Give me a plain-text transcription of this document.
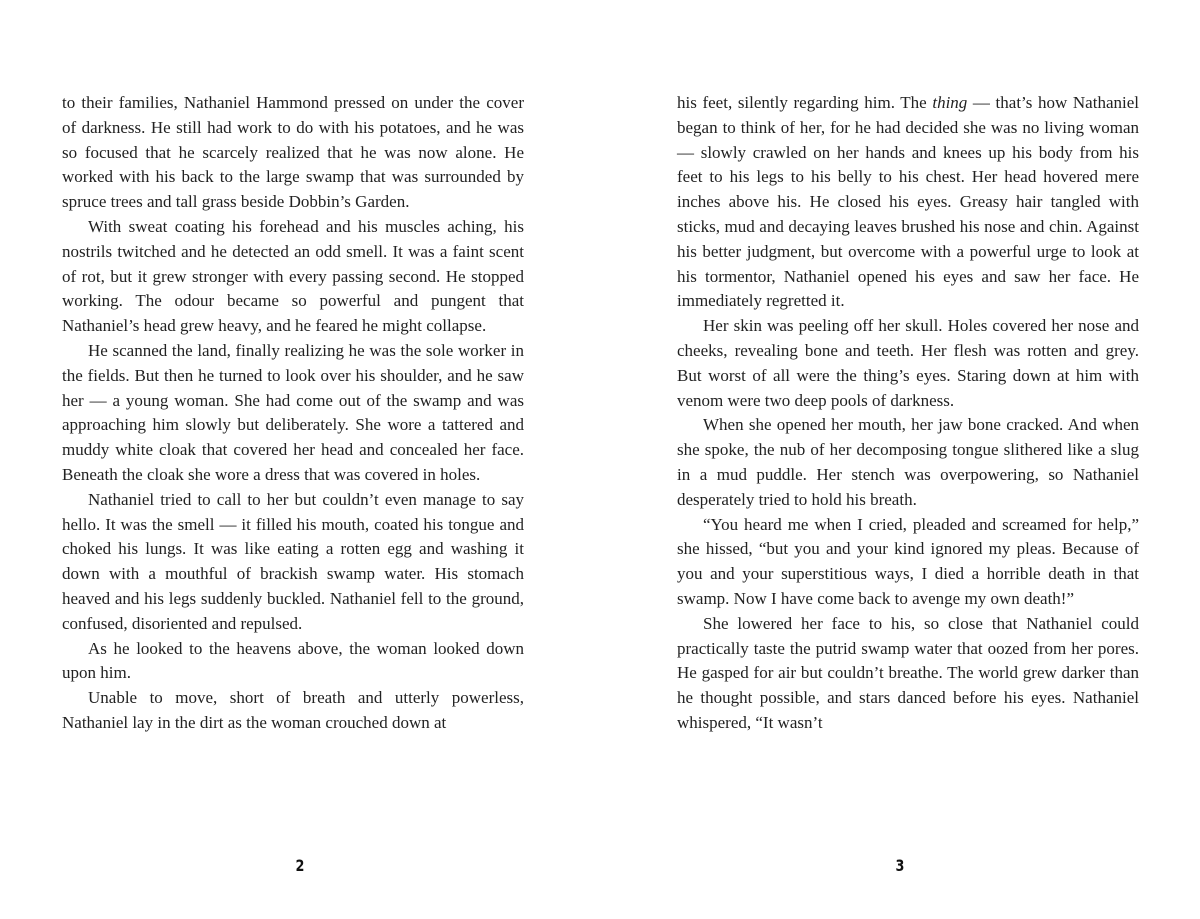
to their families, Nathaniel Hammond pressed on under the cover of darkness. He still had work to do with his potatoes, and he was so focused that he scarcely realized that he was now alone. He worked with his back to the large swamp that was surrounded by spruce trees and tall grass beside Dobbin’s Garden.

With sweat coating his forehead and his muscles aching, his nostrils twitched and he detected an odd smell. It was a faint scent of rot, but it grew stronger with every passing second. He stopped working. The odour became so powerful and pungent that Nathaniel’s head grew heavy, and he feared he might collapse.

He scanned the land, finally realizing he was the sole worker in the fields. But then he turned to look over his shoulder, and he saw her — a young woman. She had come out of the swamp and was approaching him slowly but deliberately. She wore a tattered and muddy white cloak that covered her head and concealed her face. Beneath the cloak she wore a dress that was covered in holes.

Nathaniel tried to call to her but couldn’t even manage to say hello. It was the smell — it filled his mouth, coated his tongue and choked his lungs. It was like eating a rotten egg and washing it down with a mouthful of brackish swamp water. His stomach heaved and his legs suddenly buckled. Nathaniel fell to the ground, confused, disoriented and repulsed.

As he looked to the heavens above, the woman looked down upon him.

Unable to move, short of breath and utterly powerless, Nathaniel lay in the dirt as the woman crouched down at

his feet, silently regarding him. The thing — that’s how Nathaniel began to think of her, for he had decided she was no living woman — slowly crawled on her hands and knees up his body from his feet to his legs to his belly to his chest. Her head hovered mere inches above his. He closed his eyes. Greasy hair tangled with sticks, mud and decaying leaves brushed his nose and chin. Against his better judgment, but overcome with a powerful urge to look at his tormentor, Nathaniel opened his eyes and saw her face. He immediately regretted it.

Her skin was peeling off her skull. Holes covered her nose and cheeks, revealing bone and teeth. Her flesh was rotten and grey. But worst of all were the thing’s eyes. Staring down at him with venom were two deep pools of darkness.

When she opened her mouth, her jaw bone cracked. And when she spoke, the nub of her decomposing tongue slithered like a slug in a mud puddle. Her stench was overpowering, so Nathaniel desperately tried to hold his breath.

“You heard me when I cried, pleaded and screamed for help,” she hissed, “but you and your kind ignored my pleas. Because of you and your superstitious ways, I died a horrible death in that swamp. Now I have come back to avenge my own death!”

She lowered her face to his, so close that Nathaniel could practically taste the putrid swamp water that oozed from her pores. He gasped for air but couldn’t breathe. The world grew darker than he thought possible, and stars danced before his eyes. Nathaniel whispered, “It wasn’t

2	3
